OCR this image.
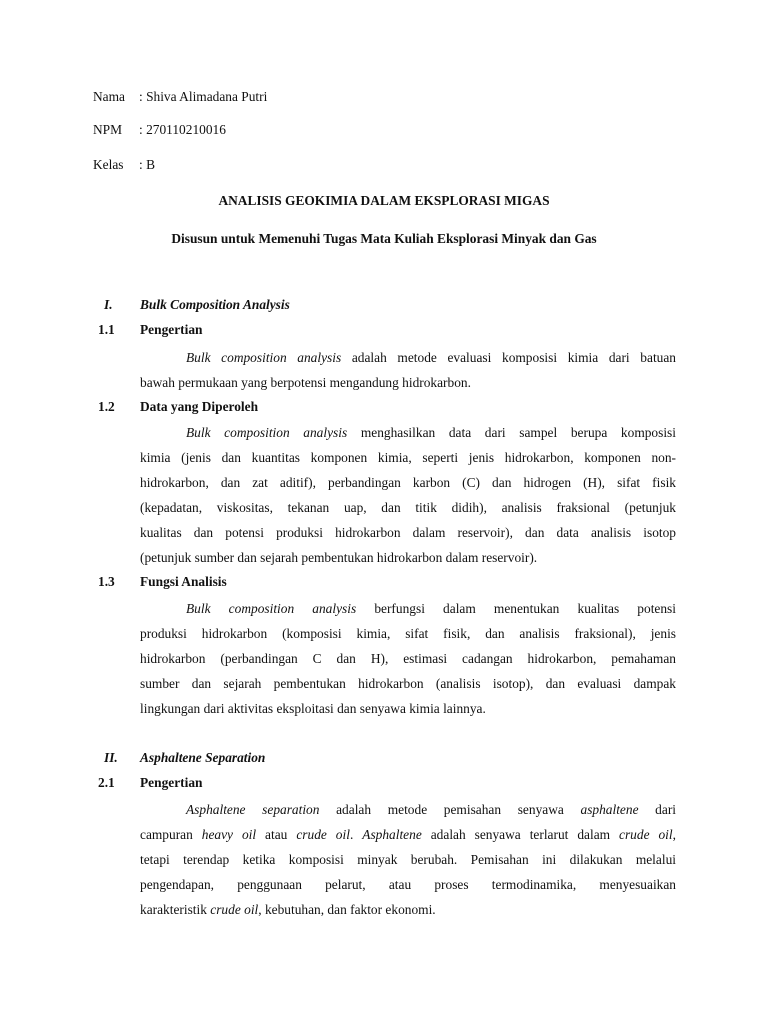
Nama : Shiva Alimadana Putri
NPM : 270110210016
Kelas : B
ANALISIS GEOKIMIA DALAM EKSPLORASI MIGAS
Disusun untuk Memenuhi Tugas Mata Kuliah Eksplorasi Minyak dan Gas
I. Bulk Composition Analysis
1.1 Pengertian
Bulk composition analysis adalah metode evaluasi komposisi kimia dari batuan
bawah permukaan yang berpotensi mengandung hidrokarbon.
1.2 Data yang Diperoleh
Bulk composition analysis menghasilkan data dari sampel berupa komposisi
kimia (jenis dan kuantitas komponen kimia, seperti jenis hidrokarbon, komponen non-
hidrokarbon, dan zat aditif), perbandingan karbon (C) dan hidrogen (H), sifat fisik
(kepadatan, viskositas, tekanan uap, dan titik didih), analisis fraksional (petunjuk
kualitas dan potensi produksi hidrokarbon dalam reservoir), dan data analisis isotop
(petunjuk sumber dan sejarah pembentukan hidrokarbon dalam reservoir).
1.3 Fungsi Analisis
Bulk composition analysis berfungsi dalam menentukan kualitas potensi
produksi hidrokarbon (komposisi kimia, sifat fisik, dan analisis fraksional), jenis
hidrokarbon (perbandingan C dan H), estimasi cadangan hidrokarbon, pemahaman
sumber dan sejarah pembentukan hidrokarbon (analisis isotop), dan evaluasi dampak
lingkungan dari aktivitas eksploitasi dan senyawa kimia lainnya.
II. Asphaltene Separation
2.1 Pengertian
Asphaltene separation adalah metode pemisahan senyawa asphaltene dari
campuran heavy oil atau crude oil. Asphaltene adalah senyawa terlarut dalam crude oil,
tetapi terendap ketika komposisi minyak berubah. Pemisahan ini dilakukan melalui
pengendapan, penggunaan pelarut, atau proses termodinamika, menyesuaikan
karakteristik crude oil, kebutuhan, dan faktor ekonomi.
